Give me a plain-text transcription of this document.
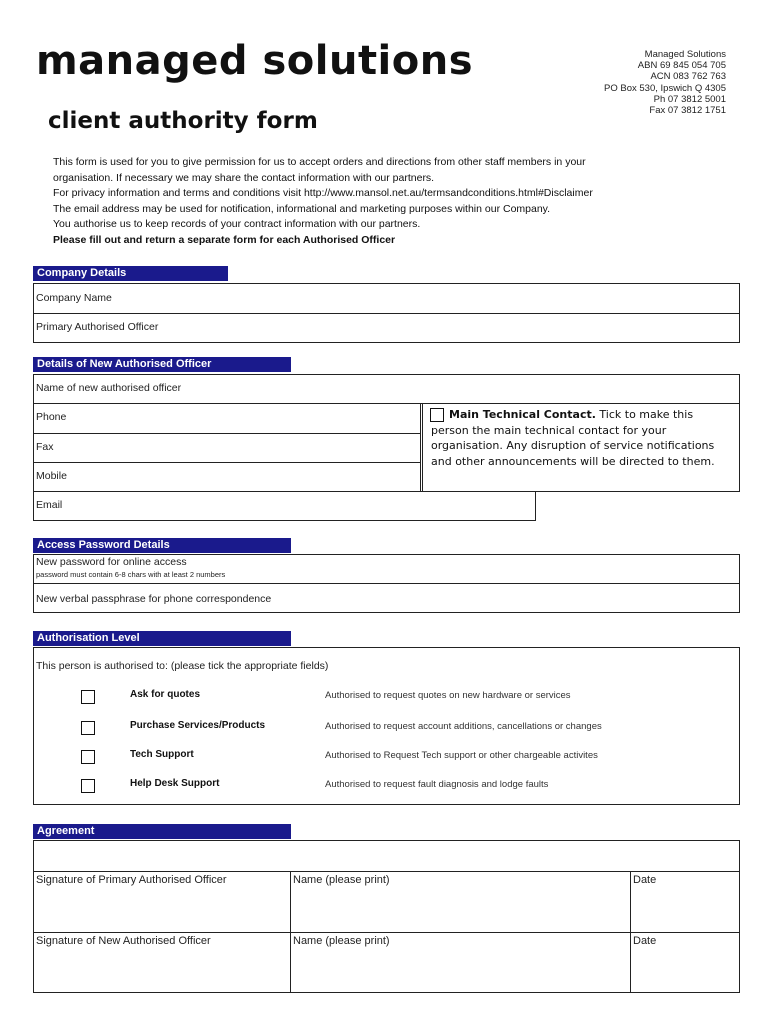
managed solutions
client authority form
Managed Solutions
ABN 69 845 054 705
ACN 083 762 763
PO Box 530, Ipswich Q 4305
Ph 07 3812 5001
Fax 07 3812 1751
This form is used for you to give permission for us to accept orders and directions from other staff members in your
organisation. If necessary we may share the contact information with our partners.
For privacy information and terms and conditions visit http://www.mansol.net.au/termsandconditions.html#Disclaimer
The email address may be used for notification, informational and marketing purposes within our Company.
You authorise us to keep records of your contract information with our partners.
Please fill out and return a separate form for each Authorised Officer
Company Details
Company Name
Primary Authorised Officer
Details of New Authorised Officer
Name of new authorised officer
Phone
Fax
Mobile
Email
Main Technical Contact. Tick to make this person the main technical contact for your organisation. Any disruption of service notifications and other announcements will be directed to them.
Access Password Details
New password for online access
password must contain 6-8 chars with at least 2 numbers
New verbal passphrase for phone correspondence
Authorisation Level
This person is authorised to: (please tick the appropriate fields)
Ask for quotes	Authorised to request quotes on new hardware or services
Purchase Services/Products	Authorised to request account additions, cancellations or changes
Tech Support	Authorised to Request Tech support or other chargeable activites
Help Desk Support	Authorised to request fault diagnosis and lodge faults
Agreement
Signature of Primary Authorised Officer	Name (please print)	Date
Signature of New Authorised Officer	Name (please print)	Date
